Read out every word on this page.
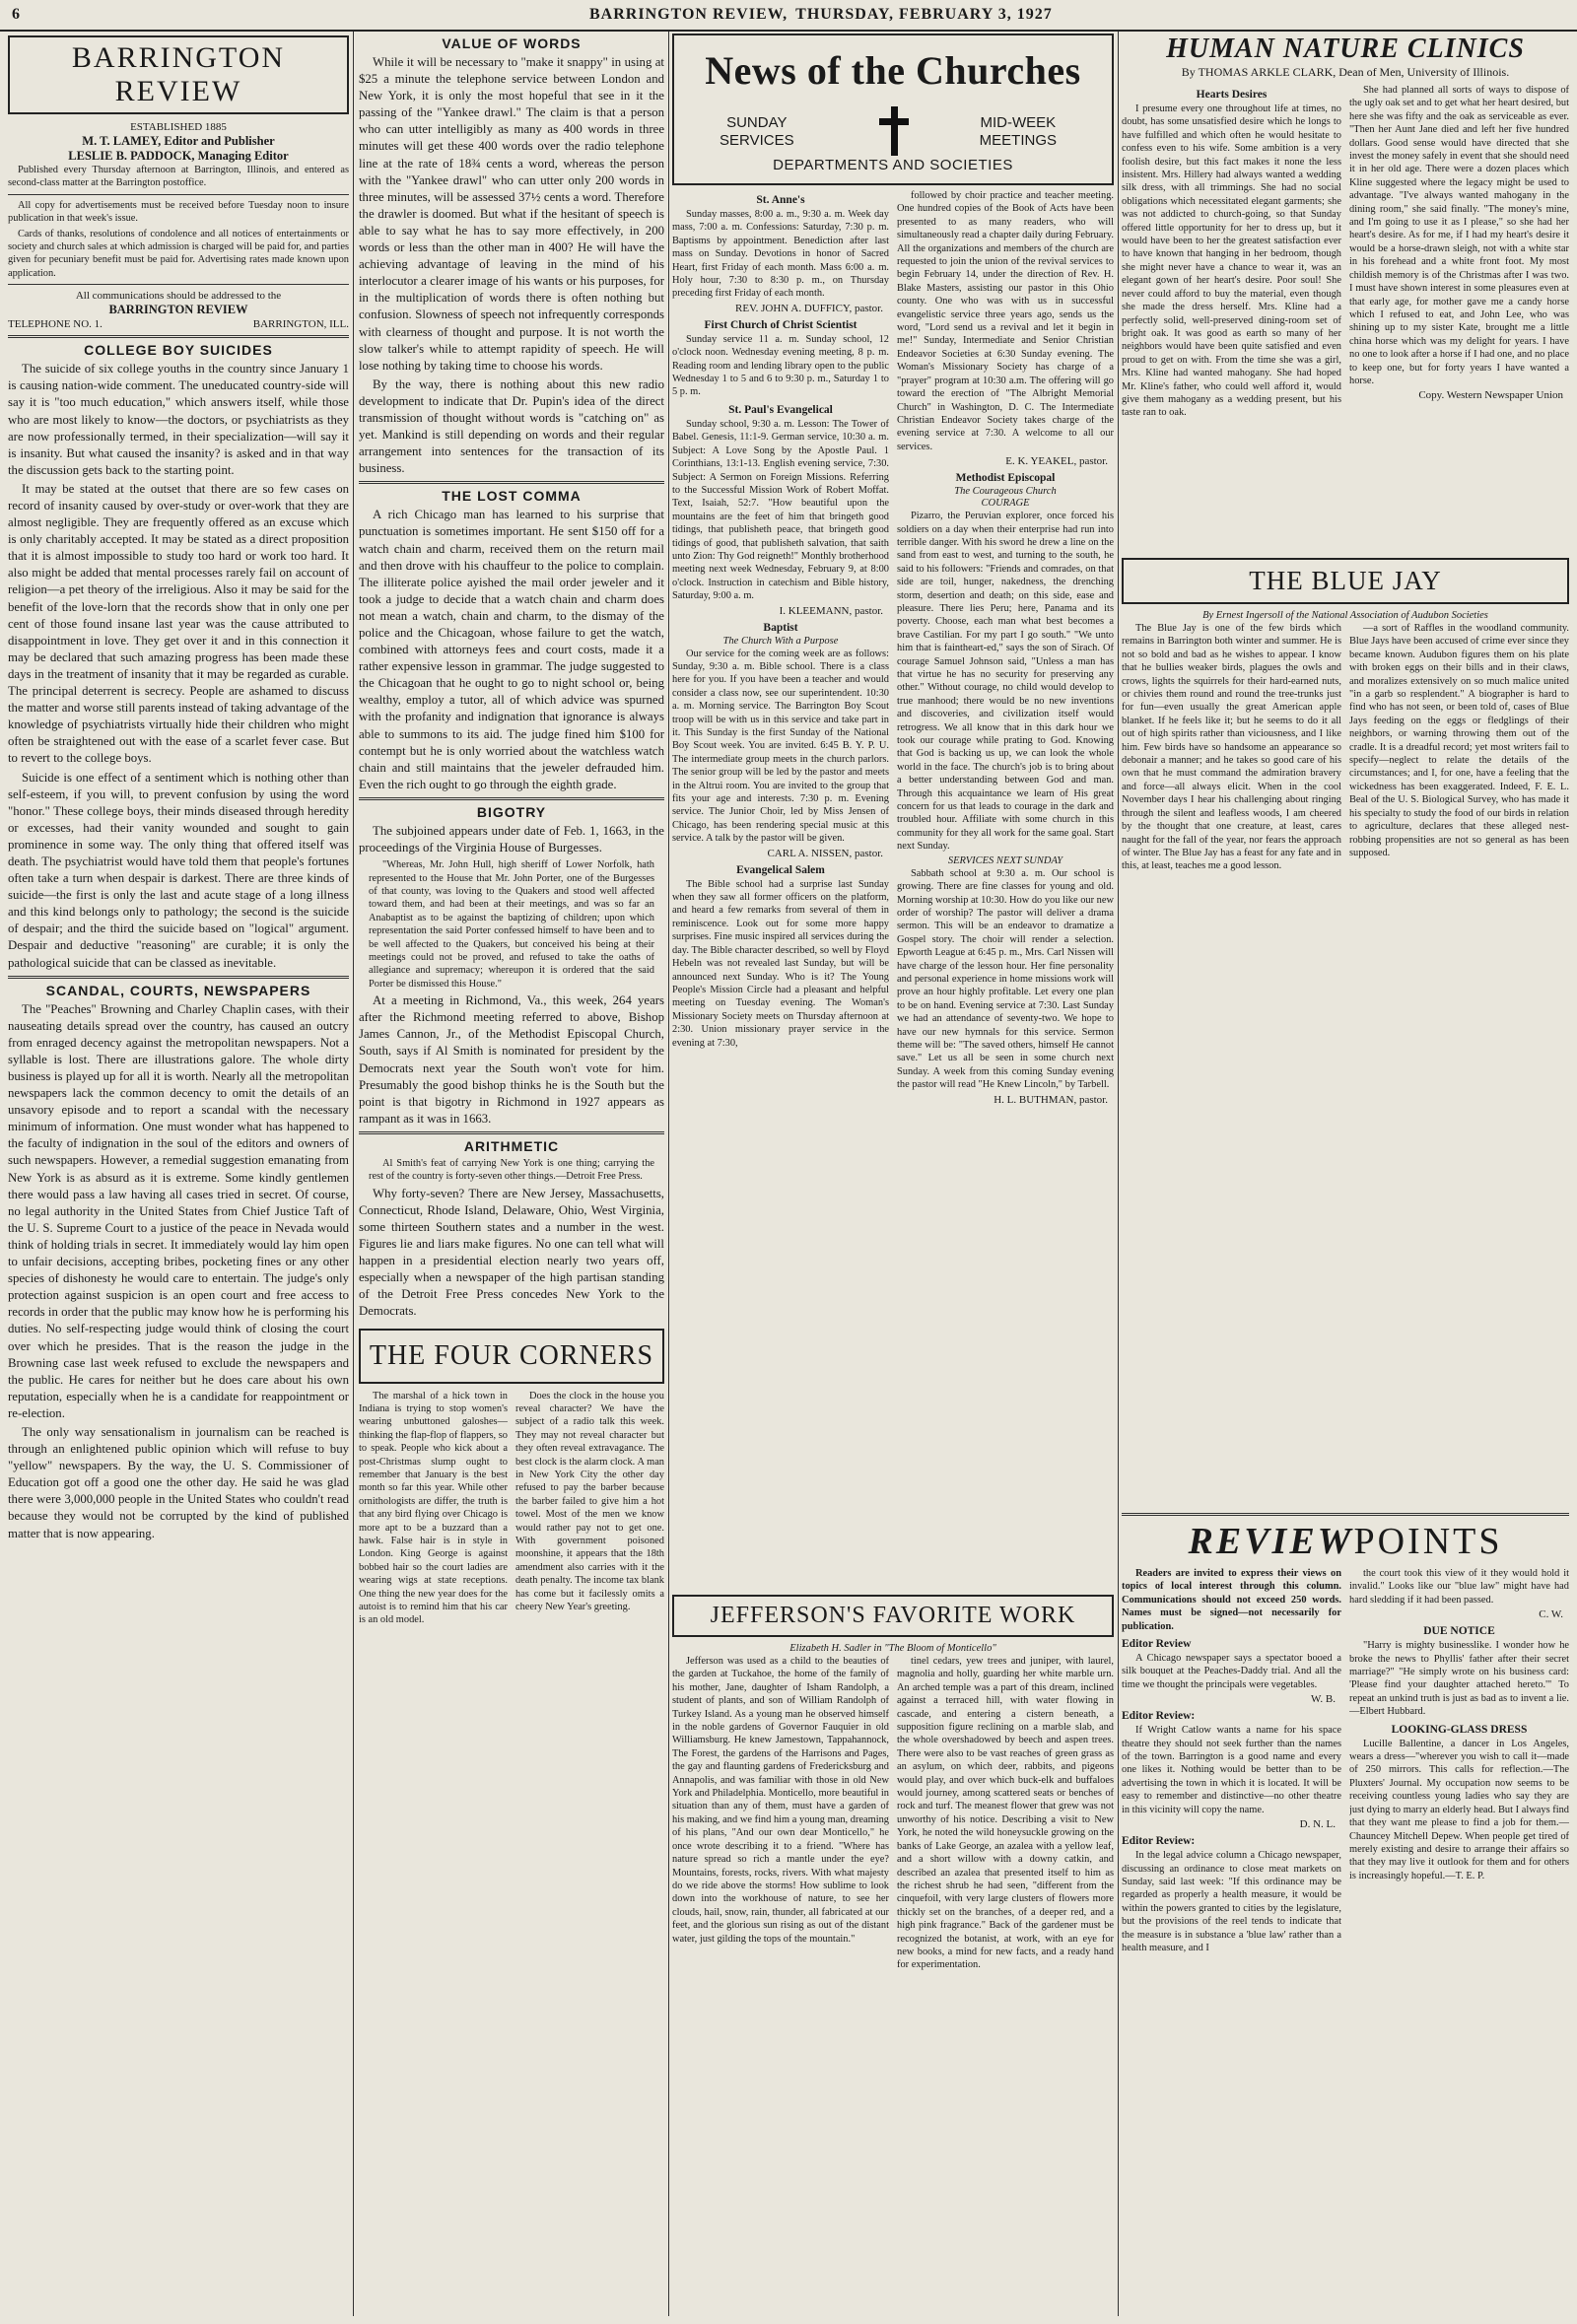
6	BARRINGTON REVIEW, THURSDAY, FEBRUARY 3, 1927
BARRINGTON REVIEW
ESTABLISHED 1885
M. T. LAMEY, Editor and Publisher
LESLIE B. PADDOCK, Managing Editor
Published every Thursday afternoon at Barrington, Illinois, and entered as second-class matter at the Barrington postoffice.
All copy for advertisements must be received before Tuesday noon to insure publication in that week's issue.
Cards of thanks, resolutions of condolence and all notices of entertainments or society and church sales at which admission is charged will be paid for, and parties given for pecuniary benefit must be paid for. Advertising rates made known upon application.
All communications should be addressed to the
BARRINGTON REVIEW
TELEPHONE NO. 1.	BARRINGTON, ILL.
COLLEGE BOY SUICIDES

The suicide of six college youths in the country since January 1 is causing nation-wide comment. The uneducated country-side will say it is "too much education," which answers itself, while those who are most likely to know—the doctors, or psychiatrists as they are now professionally termed, in their specialization—will say it is insanity. But what caused the insanity? is asked and in that way the discussion gets back to the starting point.

It may be stated at the outset that there are so few cases on record of insanity caused by over-study or over-work that they are almost negligible. They are frequently offered as an excuse which is only charitably accepted. It may be stated as a direct proposition that it is almost impossible to study too hard or work too hard. It also might be added that mental processes rarely fail on account of religion—a pet theory of the irreligious. Also it may be said for the benefit of the love-lorn that the records show that in only one per cent of those found insane last year was the cause attributed to disappointment in love. They get over it and in this connection it may be declared that such amazing progress has been made these days in the treatment of insanity that it may be regarded as curable. The principal deterrent is secrecy. People are ashamed to discuss the matter and worse still parents instead of taking advantage of the knowledge of psychiatrists virtually hide their children who might often be straightened out with the ease of a scarlet fever case. But to revert to the college boys.

Suicide is one effect of a sentiment which is nothing other than self-esteem, if you will, to prevent confusion by using the word "honor." These college boys, their minds diseased through heredity or excesses, had their vanity wounded and sought to gain prominence in some way. The only thing that offered itself was death. The psychiatrist would have told them that people's fortunes often take a turn when despair is darkest. There are three kinds of suicide—the first is only the last and acute stage of a long illness and this kind belongs only to pathology; the second is the suicide of despair; and the third the suicide based on "logical" argument. Despair and deductive "reasoning" are curable; it is only the pathological suicide that can be classed as inevitable.

SCANDAL, COURTS, NEWSPAPERS

The "Peaches" Browning and Charley Chaplin cases, with their nauseating details spread over the country, has caused an outcry from enraged decency against the metropolitan newspapers. Not a syllable is lost. There are illustrations galore. The whole dirty business is played up for all it is worth. Nearly all the metropolitan newspapers lack the common decency to omit the details of an unsavory episode and to report a scandal with the necessary minimum of information. One must wonder what has happened to the faculty of indignation in the soul of the editors and owners of such newspapers. However, a remedial suggestion emanating from New York is as absurd as it is extreme. Some kindly gentlemen there would pass a law having all cases tried in secret. Of course, no legal authority in the United States from Chief Justice Taft of the U. S. Supreme Court to a justice of the peace in Nevada would think of holding trials in secret. It immediately would lay him open to unfair decisions, accepting bribes, pocketing fines or any other species of dishonesty he would care to entertain. The judge's only protection against suspicion is an open court and free access to records in order that the public may know how he is performing his duties. No self-respecting judge would think of closing the court over which he presides. That is the reason the judge in the Browning case last week refused to exclude the newspapers and the public. He cares for neither but he does care about his own reputation, especially when he is a candidate for reappointment or re-election.

The only way sensationalism in journalism can be reached is through an enlightened public opinion which will refuse to buy "yellow" newspapers. By the way, the U. S. Commissioner of Education got off a good one the other day. He said he was glad there were 3,000,000 people in the United States who couldn't read because they would not be corrupted by the kind of published matter that is now appearing.

VALUE OF WORDS

While it will be necessary to "make it snappy" in using at $25 a minute the telephone service between London and New York, it is only the most hopeful that see in it the passing of the "Yankee drawl." The claim is that a person who can utter intelligibly as many as 400 words in three minutes will get these 400 words over the radio telephone line at the rate of 18¾ cents a word, whereas the person with the "Yankee drawl" who can utter only 200 words in three minutes, will be assessed 37½ cents a word. Therefore the drawler is doomed. But what if the hesitant of speech is able to say what he has to say more effectively, in 200 words or less than the other man in 400? He will have the achieving advantage of leaving in the mind of his interlocutor a clearer image of his wants or his purposes, for in the multiplication of words there is often nothing but confusion. Slowness of speech not infrequently corresponds with clearness of thought and purpose. It is not worth the slow talker's while to attempt rapidity of speech. He will lose nothing by taking time to choose his words.

By the way, there is nothing about this new radio development to indicate that Dr. Pupin's idea of the direct transmission of thought without words is "catching on" as yet. Mankind is still depending on words and their regular arrangement into sentences for the transaction of its business.

THE LOST COMMA

A rich Chicago man has learned to his surprise that punctuation is sometimes important. He sent $150 off for a watch chain and charm, received them on the return mail and then drove with his chauffeur to the police to complain. The illiterate police ayished the mail order jeweler and it took a judge to decide that a watch chain and charm does not mean a watch, chain and charm, to the dismay of the police and the Chicagoan, whose failure to get the watch, combined with attorneys fees and court costs, made it a rather expensive lesson in grammar. The judge suggested to the Chicagoan that he ought to go to night school or, being wealthy, employ a tutor, all of which advice was spurned with the profanity and indignation that ignorance is always able to summons to its aid. The judge fined him $100 for contempt but he is only worried about the watchless watch chain and still maintains that the jeweler defrauded him. Even the rich ought to go through the eighth grade.

BIGOTRY

The subjoined appears under date of Feb. 1, 1663, in the proceedings of the Virginia House of Burgesses.

"Whereas, Mr. John Hull, high sheriff of Lower Norfolk, hath represented to the House that Mr. John Porter, one of the Burgesses of that county, was loving to the Quakers and stood well affected toward them, and had been at their meetings, and was so far an Anabaptist as to be against the baptizing of children; upon which representation the said Porter confessed himself to have been and to be well affected to the Quakers, but conceived his being at their meetings could not be proved, and refused to take the oaths of allegiance and supremacy; whereupon it is ordered that the said Porter be dismissed this House."

At a meeting in Richmond, Va., this week, 264 years after the Richmond meeting referred to above, Bishop James Cannon, Jr., of the Methodist Episcopal Church, South, says if Al Smith is nominated for president by the Democrats next year the South won't vote for him. Presumably the good bishop thinks he is the South but the point is that bigotry in Richmond in 1927 appears as rampant as it was in 1663.

ARITHMETIC

Al Smith's feat of carrying New York is one thing; carrying the rest of the country is forty-seven other things.—Detroit Free Press.

Why forty-seven? There are New Jersey, Massachusetts, Connecticut, Rhode Island, Delaware, Ohio, West Virginia, some thirteen Southern states and a number in the west. Figures lie and liars make figures. No one can tell what will happen in a presidential election nearly two years off, especially when a newspaper of the high partisan standing of the Detroit Free Press concedes New York to the Democrats.

THE FOUR CORNERS

The marshal of a hick town in Indiana is trying to stop women's wearing unbuttoned galoshes—thinking the flap-flop of flappers, so to speak. People who kick about a post-Christmas slump ought to remember that January is the best month so far this year. While other ornithologists are differ, the truth is that any bird flying over Chicago is more apt to be a buzzard than a hawk. False hair is in style in London. King George is against bobbed hair so the court ladies are wearing wigs at state receptions. One thing the new year does for the autoist is to remind him that his car is an old model.

Does the clock in the house you reveal character? We have the subject of a radio talk this week. They may not reveal character but they often reveal extravagance. The best clock is the alarm clock. A man in New York City the other day refused to pay the barber because the barber failed to give him a hot towel. Most of the men we know would rather pay not to get one. With government poisoned moonshine, it appears that the 18th amendment also carries with it the death penalty. The income tax blank has come but it facilessly omits a cheery New Year's greeting.

News of the Churches
SUNDAY
SERVICES
MID-WEEK
MEETINGS
DEPARTMENTS AND SOCIETIES
St. Anne's

Sunday masses, 8:00 a. m., 9:30 a. m. Week day mass, 7:00 a. m. Confessions: Saturday, 7:30 p. m. Baptisms by appointment. Benediction after last mass on Sunday. Devotions in honor of Sacred Heart, first Friday of each month. Mass 6:00 a. m. Holy hour, 7:30 to 8:30 p. m., on Thursday preceding first Friday of each month.

REV. JOHN A. DUFFICY, pastor.
First Church of Christ Scientist

Sunday service 11 a. m. Sunday school, 12 o'clock noon. Wednesday evening meeting, 8 p. m. Reading room and lending library open to the public Wednesday 1 to 5 and 6 to 9:30 p. m., Saturday 1 to 5 p. m.

St. Paul's Evangelical

Sunday school, 9:30 a. m. Lesson: The Tower of Babel. Genesis, 11:1-9. German service, 10:30 a. m. Subject: A Love Song by the Apostle Paul. 1 Corinthians, 13:1-13. English evening service, 7:30. Subject: A Sermon on Foreign Missions. Referring to the Successful Mission Work of Robert Moffat. Text, Isaiah, 52:7. "How beautiful upon the mountains are the feet of him that bringeth good tidings, that publisheth peace, that bringeth good tidings of good, that publisheth salvation, that saith unto Zion: Thy God reigneth!" Monthly brotherhood meeting next week Wednesday, February 9, at 8:00 o'clock. Instruction in catechism and Bible history, Saturday, 9:00 a. m.

I. KLEEMANN, pastor.
Baptist
The Church With a Purpose

Our service for the coming week are as follows: Sunday, 9:30 a. m. Bible school. There is a class here for you. If you have been a teacher and would consider a class now, see our superintendent. 10:30 a. m. Morning service. The Barrington Boy Scout troop will be with us in this service and take part in it. This Sunday is the first Sunday of the National Boy Scout week. You are invited. 6:45 B. Y. P. U. The intermediate group meets in the church parlors. The senior group will be led by the pastor and meets in the Altrui room. You are invited to the group that fits your age and interests. 7:30 p. m. Evening service. The Junior Choir, led by Miss Jensen of Chicago, has been rendering special music at this service. A talk by the pastor will be given.

CARL A. NISSEN, pastor.
Evangelical Salem

The Bible school had a surprise last Sunday when they saw all former officers on the platform, and heard a few remarks from several of them in reminiscence. Look out for some more happy surprises. Fine music inspired all services during the day. The Bible character described, so well by Floyd Hebeln was not revealed last Sunday, but will be announced next Sunday. Who is it? The Young People's Mission Circle had a pleasant and helpful meeting on Tuesday evening. The Woman's Missionary Society meets on Thursday afternoon at 2:30. Union missionary prayer service in the evening at 7:30,

followed by choir practice and teacher meeting. One hundred copies of the Book of Acts have been presented to as many readers, who will simultaneously read a chapter daily during February. All the organizations and members of the church are requested to join the union of the revival services to begin February 14, under the direction of Rev. H. Blake Masters, assisting our pastor in this Ohio county. One who was with us in successful evangelistic service three years ago, sends us the word, "Lord send us a revival and let it begin in me!" Sunday, Intermediate and Senior Christian Endeavor Societies at 6:30 Sunday evening. The Woman's Missionary Society has charge of a "prayer" program at 10:30 a.m. The offering will go toward the erection of "The Albright Memorial Church" in Washington, D. C. The Intermediate Christian Endeavor Society takes charge of the evening service at 7:30. A welcome to all our services.

E. K. YEAKEL, pastor.
Methodist Episcopal
The Courageous Church
COURAGE

Pizarro, the Peruvian explorer, once forced his soldiers on a day when their enterprise had run into terrible danger. With his sword he drew a line on the sand from east to west, and turning to the south, he said to his followers: "Friends and comrades, on that side are toil, hunger, nakedness, the drenching storm, desertion and death; on this side, ease and pleasure. There lies Peru; here, Panama and its poverty. Choose, each man what best becomes a brave Castilian. For my part I go south." "We unto him that is faintheart-ed," says the son of Sirach. Of courage Samuel Johnson said, "Unless a man has that virtue he has no security for preserving any other." Without courage, no child would develop to true manhood; there would be no new inventions and discoveries, and civilization itself would retrogress. We all know that in this dark hour we took our courage while prating to God. Knowing that God is backing us up, we can look the whole world in the face. The church's job is to bring about a better understanding between God and man. Through this acquaintance we learn of His great concern for us that leads to courage in the dark and troubled hour. Affiliate with some church in this community for they all work for the same goal. Start next Sunday.

SERVICES NEXT SUNDAY

Sabbath school at 9:30 a. m. Our school is growing. There are fine classes for young and old. Morning worship at 10:30. How do you like our new order of worship? The pastor will deliver a drama sermon. This will be an endeavor to dramatize a Gospel story. The choir will render a selection. Epworth League at 6:45 p. m., Mrs. Carl Nissen will have charge of the lesson hour. Her fine personality and personal experience in home missions work will prove an hour highly profitable. Let every one plan to be on hand. Evening service at 7:30. Last Sunday we had an attendance of seventy-two. We hope to have our new hymnals for this service. Sermon theme will be: "The saved others, himself He cannot save." Let us all be seen in some church next Sunday. A week from this coming Sunday evening the pastor will read "He Knew Lincoln," by Tarbell.

H. L. BUTHMAN, pastor.
JEFFERSON'S FAVORITE WORK
Elizabeth H. Sadler in "The Bloom of Monticello"

Jefferson was used as a child to the beauties of the garden at Tuckahoe, the home of the family of his mother, Jane, daughter of Isham Randolph, a student of plants, and son of William Randolph of Turkey Island. As a young man he observed himself in the noble gardens of Governor Fauquier in old Williamsburg. He knew Jamestown, Tappahannock, The Forest, the gardens of the Harrisons and Pages, the gay and flaunting gardens of Fredericksburg and Annapolis, and was familiar with those in old New York and Philadelphia. Monticello, more beautiful in situation than any of them, must have a garden of his making, and we find him a young man, dreaming of his plans, "And our own dear Monticello," he once wrote describing it to a friend. "Where has nature spread so rich a mantle under the eye? Mountains, forests, rocks, rivers. With what majesty do we ride above the storms! How sublime to look down into the workhouse of nature, to see her clouds, hail, snow, rain, thunder, all fabricated at our feet, and the glorious sun rising as out of the distant water, just gilding the tops of the mountain."

tinel cedars, yew trees and juniper, with laurel, magnolia and holly, guarding her white marble urn. An arched temple was a part of this dream, inclined against a terraced hill, with water flowing in cascade, and entering a cistern beneath, a supposition figure reclining on a marble slab, and the whole overshadowed by beech and aspen trees. There were also to be vast reaches of green grass as an asylum, on which deer, rabbits, and pigeons would play, and over which buck-elk and buffaloes would journey, among scattered seats or benches of rock and turf. The meanest flower that grew was not unworthy of his notice. Describing a visit to New York, he noted the wild honeysuckle growing on the banks of Lake George, an azalea with a yellow leaf, and a short willow with a downy catkin, and described an azalea that presented itself to him as the richest shrub he had seen, "different from the cinquefoil, with very large clusters of flowers more thickly set on the branches, of a deeper red, and a high pink fragrance." Back of the gardener must be recognized the botanist, at work, with an eye for new books, a mind for new facts, and a ready hand for experimentation.

HUMAN NATURE CLINICS
By THOMAS ARKLE CLARK, Dean of Men, University of Illinois.
Hearts Desires

I presume every one throughout life at times, no doubt, has some unsatisfied desire which he longs to have fulfilled and which often he would hesitate to confess even to his wife. Some ambition is a very foolish desire, but this fact makes it none the less insistent. Mrs. Hillery had always wanted a wedding silk dress, with all trimmings. She had no social obligations which necessitated elegant garments; she was not addicted to church-going, so that Sunday offered little opportunity for her to dress up, but it would have been to her the greatest satisfaction ever to have known that hanging in her bedroom, though she might never have a chance to wear it, was an elegant gown of her heart's desire. Poor soul! She never could afford to buy the material, even though she made the dress herself. Mrs. Kline had a perfectly solid, well-preserved dining-room set of bright oak. It was good as earth so many of her neighbors would have been quite satisfied and even proud to get on with. From the time she was a girl, Mrs. Kline had wanted mahogany. She had hoped Mr. Kline's father, who could well afford it, would give them mahogany as a wedding present, but his taste ran to oak.

She had planned all sorts of ways to dispose of the ugly oak set and to get what her heart desired, but here she was fifty and the oak as serviceable as ever. "Then her Aunt Jane died and left her five hundred dollars. Good sense would have directed that she invest the money safely in event that she should need it in her old age. There were a dozen places which Kline suggested where the legacy might be used to advantage. "I've always wanted mahogany in the dining room," she said finally. "The money's mine, and I'm going to use it as I please," so she had her heart's desire. As for me, if I had my heart's desire it would be a horse-drawn sleigh, not with a white star in his forehead and a white front foot. My most childish memory is of the Christmas after I was two. I must have shown interest in some pleasures even at that early age, for mother gave me a candy horse which I refused to eat, and John Lee, who was shining up to my sister Kate, brought me a little china horse which was my delight for years. I have no one to look after a horse if I had one, and no place to keep one, but for forty years I have wanted a horse.

Copy. Western Newspaper Union
THE BLUE JAY
By Ernest Ingersoll of the National Association of Audubon Societies

The Blue Jay is one of the few birds which remains in Barrington both winter and summer. He is not so bold and bad as he wishes to appear. I know that he bullies weaker birds, plagues the owls and crows, lights the squirrels for their hard-earned nuts, or chivies them round and round the tree-trunks just for fun—even usually the great American apple blanket. If he feels like it; but he seems to do it all out of high spirits rather than viciousness, and I like him. Few birds have so handsome an appearance so debonair a manner; and he takes so good care of his own that he must command the admiration bravery and force—all always elicit. When in the cool November days I hear his challenging about ringing through the silent and leafless woods, I am cheered by the thought that one creature, at least, cares naught for the fall of the year, nor fears the approach of winter. The Blue Jay has a feast for any fate and in this, at least, teaches me a good lesson.

—a sort of Raffles in the woodland community. Blue Jays have been accused of crime ever since they became known. Audubon figures them on his plate with broken eggs on their bills and in their claws, and moralizes extensively on so much malice united "in a garb so resplendent." A biographer is hard to find who has not seen, or been told of, cases of Blue Jays feeding on the eggs or fledglings of their neighbors, or warning throwing them out of the cradle. It is a dreadful record; yet most writers fail to specify—neglect to relate the details of the circumstances; and I, for one, have a feeling that the wickedness has been exaggerated. Indeed, F. E. L. Beal of the U. S. Biological Survey, who has made it his specialty to study the food of our birds in relation to agriculture, declares that these alleged nest-robbing propensities are not so general as has been supposed.

REVIEWPOINTS

Readers are invited to express their views on topics of local interest through this column. Communications should not exceed 250 words. Names must be signed—not necessarily for publication.

Editor Review

A Chicago newspaper says a spectator booed a silk bouquet at the Peaches-Daddy trial. And all the time we thought the principals were vegetables.

W. B.
Editor Review:

If Wright Catlow wants a name for his space theatre they should not seek further than the names of the town. Barrington is a good name and every one likes it. Nothing would be better than to be advertising the town in which it is located. It will be easy to remember and distinctive—no other theatre in this vicinity will copy the name.

D. N. L.
Editor Review:

In the legal advice column a Chicago newspaper, discussing an ordinance to close meat markets on Sunday, said last week: "If this ordinance may be regarded as properly a health measure, it would be within the powers granted to cities by the legislature, but the provisions of the reel tends to indicate that the measure is in substance a 'blue law' rather than a health measure, and I

the court took this view of it they would hold it invalid." Looks like our "blue law" might have had hard sledding if it had been passed.

C. W.
DUE NOTICE

"Harry is mighty businesslike. I wonder how he broke the news to Phyllis' father after their secret marriage?" "He simply wrote on his business card: 'Please find your daughter attached hereto.'" To repeat an unkind truth is just as bad as to invent a lie.—Elbert Hubbard.

LOOKING-GLASS DRESS

Lucille Ballentine, a dancer in Los Angeles, wears a dress—"wherever you wish to call it—made of 250 mirrors. This calls for reflection.—The Pluxters' Journal. My occupation now seems to be receiving countless young ladies who say they are just dying to marry an elderly head. But I always find that they want me please to find a job for them.—Chauncey Mitchell Depew. When people get tired of merely existing and desire to arrange their affairs so that they may live it outlook for them and for others is increasingly hopeful.—T. E. P.
